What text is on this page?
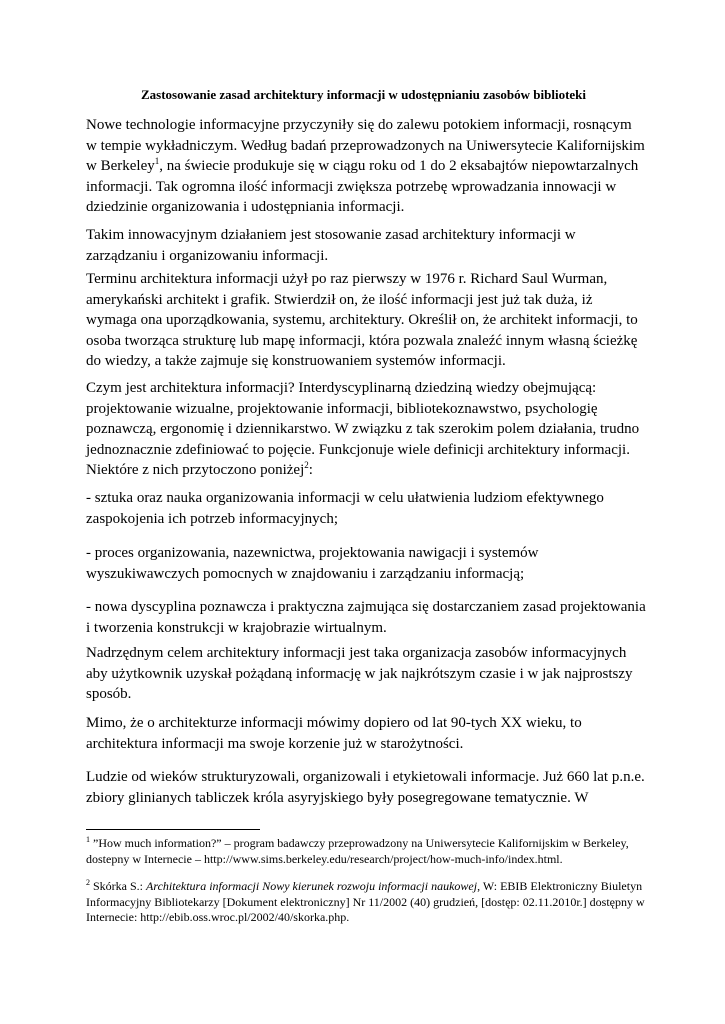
Zastosowanie zasad architektury informacji w udostępnianiu zasobów biblioteki

Nowe technologie informacyjne przyczyniły się do zalewu potokiem informacji, rosnącym w tempie wykładniczym. Według badań przeprowadzonych na Uniwersytecie Kalifornijskim w Berkeley$^1$, na świecie produkuje się w ciągu roku od 1 do 2 eksabajtów niepowtarzalnych informacji. Tak ogromna ilość informacji zwiększa potrzebę wprowadzania innowacji w dziedzinie organizowania i udostępniania informacji.

Takim innowacyjnym działaniem jest stosowanie zasad architektury informacji w zarządzaniu i organizowaniu informacji.

Terminu architektura informacji użył po raz pierwszy w 1976 r. Richard Saul Wurman, amerykański architekt i grafik. Stwierdził on, że ilość informacji jest już tak duża, iż wymaga ona uporządkowania, systemu, architektury. Określił on, że architekt informacji, to osoba tworząca strukturę lub mapę informacji, która pozwala znaleźć innym własną ścieżkę do wiedzy, a także zajmuje się konstruowaniem systemów informacji.

Czym jest architektura informacji? Interdyscyplinarną dziedziną wiedzy obejmującą: projektowanie wizualne, projektowanie informacji, bibliotekoznawstwo, psychologię poznawczą, ergonomię i dziennikarstwo. W związku z tak szerokim polem działania, trudno jednoznacznie zdefiniować to pojęcie. Funkcjonuje wiele definicji architektury informacji. Niektóre z nich przytoczono poniżej$^2$:

- sztuka oraz nauka organizowania informacji w celu ułatwienia ludziom efektywnego zaspokojenia ich potrzeb informacyjnych;

- proces organizowania, nazewnictwa, projektowania nawigacji i systemów wyszukiwawczych pomocnych w znajdowaniu i zarządzaniu informacją;

- nowa dyscyplina poznawcza i praktyczna zajmująca się dostarczaniem zasad projektowania i tworzenia konstrukcji w krajobrazie wirtualnym.

Nadrzędnym celem architektury informacji jest taka organizacja zasobów informacyjnych aby użytkownik uzyskał pożądaną informację w jak najkrótszym czasie i w jak najprostszy sposób.

Mimo, że o architekturze informacji mówimy dopiero od lat 90-tych XX wieku, to architektura informacji ma swoje korzenie już w starożytności.

Ludzie od wieków strukturyzowali, organizowali i etykietowali informacje. Już 660 lat p.n.e. zbiory glinianych tabliczek króla asyryjskiego były posegregowane tematycznie. W

$^1$ ”How much information?” – program badawczy przeprowadzony na Uniwersytecie Kalifornijskim w Berkeley, dostepny w Internecie – http://www.sims.berkeley.edu/research/project/how-much-info/index.html.

$^2$ Skórka S.: Architektura informacji Nowy kierunek rozwoju informacji naukowej, W: EBIB Elektroniczny Biuletyn Informacyjny Bibliotekarzy [Dokument elektroniczny] Nr 11/2002 (40) grudzień, [dostęp: 02.11.2010r.] dostępny w Internecie: http://ebib.oss.wroc.pl/2002/40/skorka.php.
